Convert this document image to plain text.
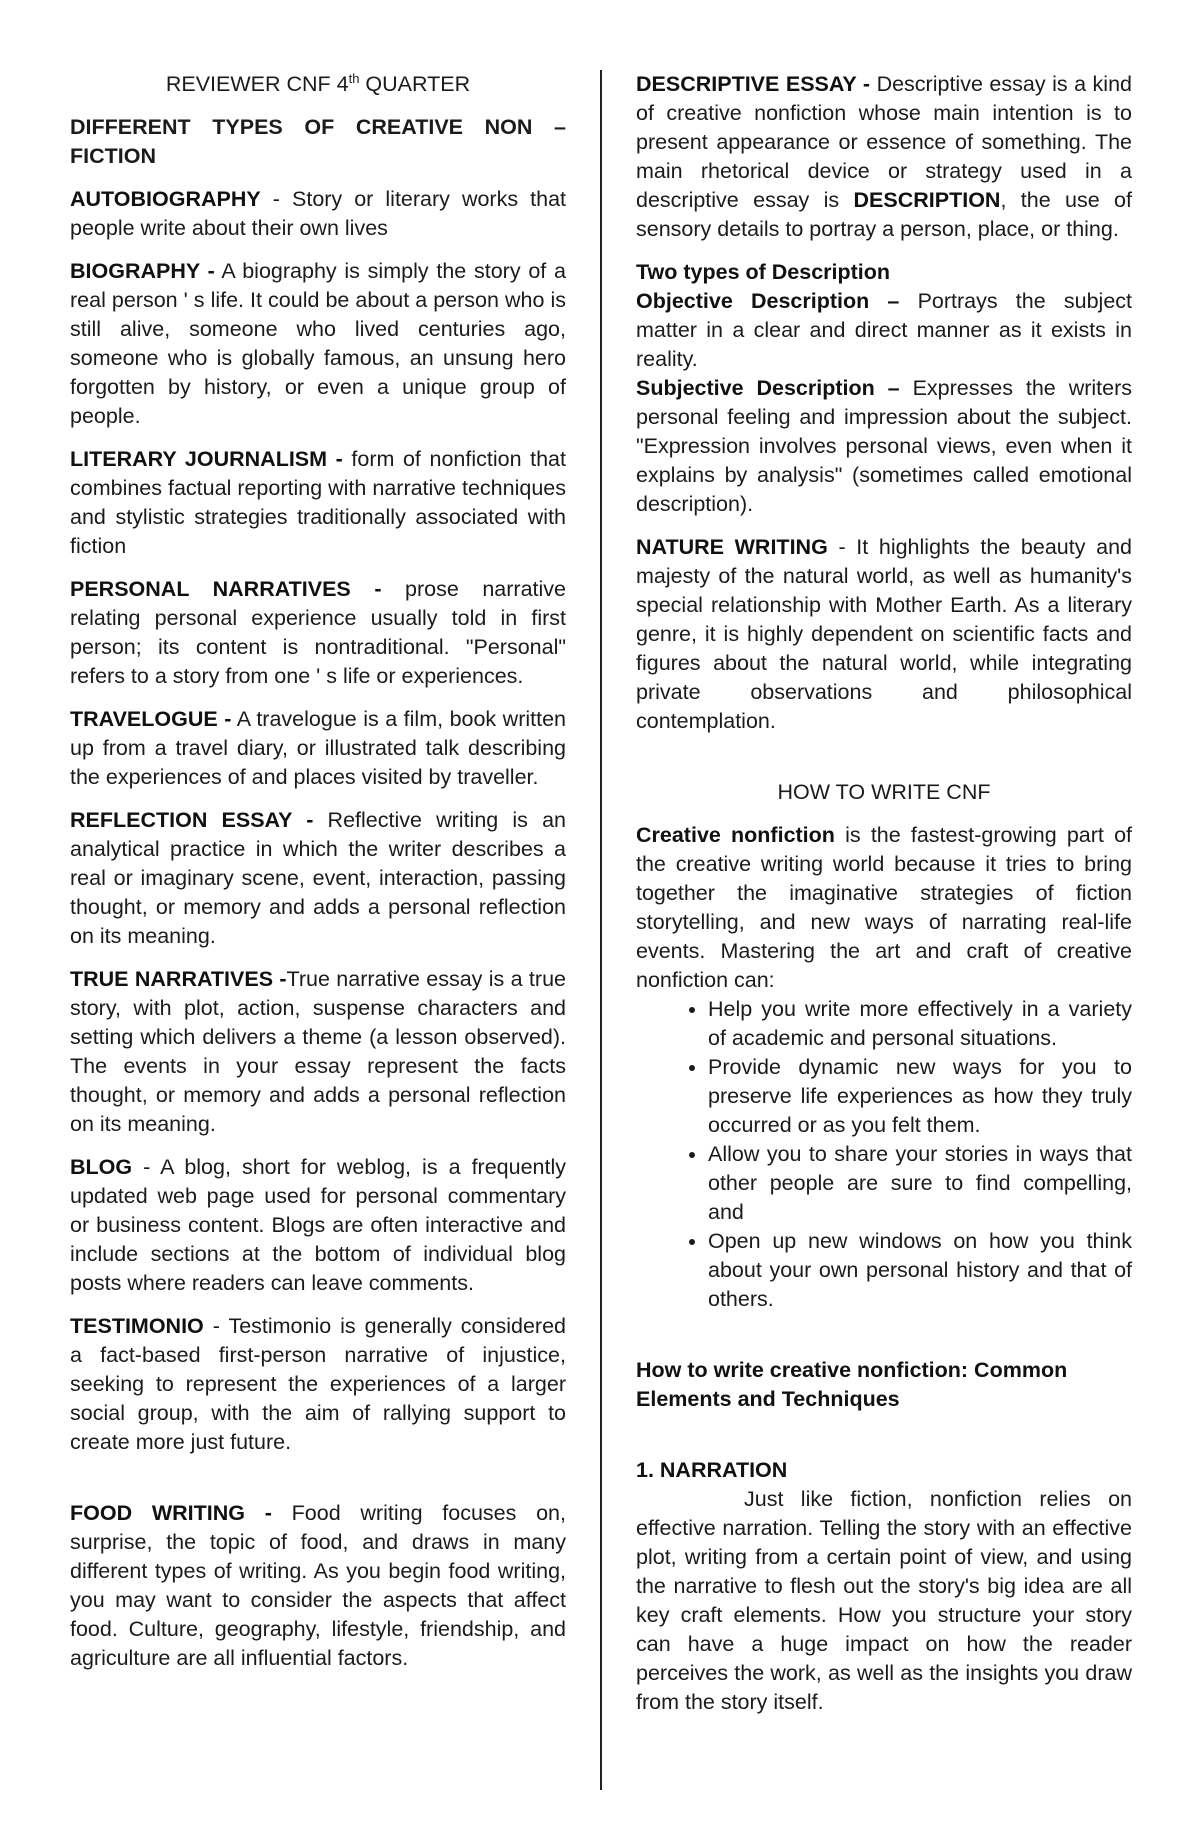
REVIEWER CNF 4th QUARTER

DIFFERENT TYPES OF CREATIVE NON – FICTION

AUTOBIOGRAPHY - Story or literary works that people write about their own lives

BIOGRAPHY - A biography is simply the story of a real person ' s life. It could be about a person who is still alive, someone who lived centuries ago, someone who is globally famous, an unsung hero forgotten by history, or even a unique group of people.

LITERARY JOURNALISM - form of nonfiction that combines factual reporting with narrative techniques and stylistic strategies traditionally associated with fiction

PERSONAL NARRATIVES - prose narrative relating personal experience usually told in first person; its content is nontraditional. "Personal" refers to a story from one ' s life or experiences.

TRAVELOGUE - A travelogue is a film, book written up from a travel diary, or illustrated talk describing the experiences of and places visited by traveller.

REFLECTION ESSAY - Reflective writing is an analytical practice in which the writer describes a real or imaginary scene, event, interaction, passing thought, or memory and adds a personal reflection on its meaning.

TRUE NARRATIVES -True narrative essay is a true story, with plot, action, suspense characters and setting which delivers a theme (a lesson observed). The events in your essay represent the facts thought, or memory and adds a personal reflection on its meaning.

BLOG - A blog, short for weblog, is a frequently updated web page used for personal commentary or business content. Blogs are often interactive and include sections at the bottom of individual blog posts where readers can leave comments.

TESTIMONIO - Testimonio is generally considered a fact-based first-person narrative of injustice, seeking to represent the experiences of a larger social group, with the aim of rallying support to create more just future.

FOOD WRITING - Food writing focuses on, surprise, the topic of food, and draws in many different types of writing. As you begin food writing, you may want to consider the aspects that affect food. Culture, geography, lifestyle, friendship, and agriculture are all influential factors.

DESCRIPTIVE ESSAY - Descriptive essay is a kind of creative nonfiction whose main intention is to present appearance or essence of something. The main rhetorical device or strategy used in a descriptive essay is DESCRIPTION, the use of sensory details to portray a person, place, or thing.

Two types of Description

Objective Description – Portrays the subject matter in a clear and direct manner as it exists in reality.

Subjective Description – Expresses the writers personal feeling and impression about the subject. "Expression involves personal views, even when it explains by analysis" (sometimes called emotional description).

NATURE WRITING - It highlights the beauty and majesty of the natural world, as well as humanity's special relationship with Mother Earth. As a literary genre, it is highly dependent on scientific facts and figures about the natural world, while integrating private observations and philosophical contemplation.

HOW TO WRITE CNF

Creative nonfiction is the fastest-growing part of the creative writing world because it tries to bring together the imaginative strategies of fiction storytelling, and new ways of narrating real-life events. Mastering the art and craft of creative nonfiction can:

• Help you write more effectively in a variety of academic and personal situations.
• Provide dynamic new ways for you to preserve life experiences as how they truly occurred or as you felt them.
• Allow you to share your stories in ways that other people are sure to find compelling, and
• Open up new windows on how you think about your own personal history and that of others.

How to write creative nonfiction: Common Elements and Techniques

1. NARRATION

Just like fiction, nonfiction relies on effective narration. Telling the story with an effective plot, writing from a certain point of view, and using the narrative to flesh out the story's big idea are all key craft elements. How you structure your story can have a huge impact on how the reader perceives the work, as well as the insights you draw from the story itself.
